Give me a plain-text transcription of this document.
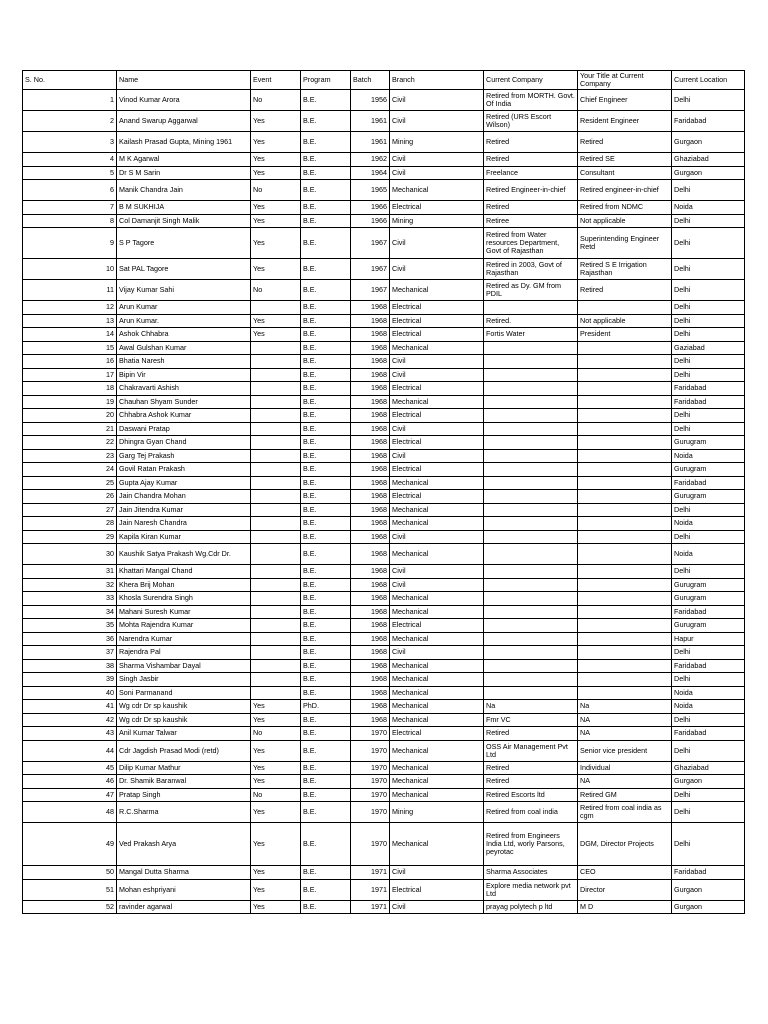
S. No.	Name	Event	Program	Batch	Branch	Current Company	Your Title at Current Company	Current Location
1	Vinod Kumar Arora	No	B.E.	1956	Civil	Retired from MORTH. Govt. Of India	Chief Engineer	Delhi
2	Anand Swarup Aggarwal	Yes	B.E.	1961	Civil	Retired (URS Escort Wilson)	Resident Engineer	Faridabad
3	Kailash Prasad Gupta, Mining 1961	Yes	B.E.	1961	Mining	Retired	Retired	Gurgaon
4	M K Agarwal	Yes	B.E.	1962	Civil	Retired	Retired SE	Ghaziabad
5	Dr S M Sarin	Yes	B.E.	1964	Civil	Freelance	Consultant	Gurgaon
6	Manik Chandra Jain	No	B.E.	1965	Mechanical	Retired Engineer-in-chief	Retired engineer-in-chief	Delhi
7	B M SUKHIJA	Yes	B.E.	1966	Electrical	Retired	Retired from NDMC	Noida
8	Col Damanjit Singh Malik	Yes	B.E.	1966	Mining	Retiree	Not applicable	Delhi
9	S P Tagore	Yes	B.E.	1967	Civil	Retired from Water resources Department, Govt of Rajasthan	Superintending Engineer Retd	Delhi
10	Sat PAL Tagore	Yes	B.E.	1967	Civil	Retired in 2003, Govt of Rajasthan	Retired S E Irrigation Rajasthan	Delhi
11	Vijay Kumar Sahi	No	B.E.	1967	Mechanical	Retired as Dy. GM from PDIL	Retired	Delhi
12	Arun Kumar		B.E.	1968	Electrical			Delhi
13	Arun Kumar.	Yes	B.E.	1968	Electrical	Retired.	Not applicable	Delhi
14	Ashok Chhabra	Yes	B.E.	1968	Electrical	Fortis Water	President	Delhi
15	Awal Gulshan Kumar		B.E.	1968	Mechanical			Gaziabad
16	Bhatia Naresh		B.E.	1968	Civil			Delhi
17	Bipin Vir		B.E.	1968	Civil			Delhi
18	Chakravarti Ashish		B.E.	1968	Electrical			Faridabad
19	Chauhan Shyam Sunder		B.E.	1968	Mechanical			Faridabad
20	Chhabra Ashok Kumar		B.E.	1968	Electrical			Delhi
21	Daswani Pratap		B.E.	1968	Civil			Delhi
22	Dhingra Gyan Chand		B.E.	1968	Electrical			Gurugram
23	Garg Tej Prakash		B.E.	1968	Civil			Noida
24	Govil Ratan Prakash		B.E.	1968	Electrical			Gurugram
25	Gupta Ajay Kumar		B.E.	1968	Mechanical			Faridabad
26	Jain Chandra Mohan		B.E.	1968	Electrical			Gurugram
27	Jain Jitendra Kumar		B.E.	1968	Mechanical			Delhi
28	Jain Naresh Chandra		B.E.	1968	Mechanical			Noida
29	Kapila Kiran Kumar		B.E.	1968	Civil			Delhi
30	Kaushik Satya Prakash Wg.Cdr Dr.		B.E.	1968	Mechanical			Noida
31	Khattari Mangal Chand		B.E.	1968	Civil			Delhi
32	Khera Brij Mohan		B.E.	1968	Civil			Gurugram
33	Khosla Surendra Singh		B.E.	1968	Mechanical			Gurugram
34	Mahani Suresh Kumar		B.E.	1968	Mechanical			Faridabad
35	Mohta Rajendra Kumar		B.E.	1968	Electrical			Gurugram
36	Narendra Kumar		B.E.	1968	Mechanical			Hapur
37	Rajendra Pal		B.E.	1968	Civil			Delhi
38	Sharma Vishambar Dayal		B.E.	1968	Mechanical			Faridabad
39	Singh Jasbir		B.E.	1968	Mechanical			Delhi
40	Soni Parmanand		B.E.	1968	Mechanical			Noida
41	Wg cdr Dr sp kaushik	Yes	PhD.	1968	Mechanical	Na	Na	Noida
42	Wg cdr Dr sp kaushik	Yes	B.E.	1968	Mechanical	Fmr VC	NA	Delhi
43	Anil Kumar Talwar	No	B.E.	1970	Electrical	Retired	NA	Faridabad
44	Cdr Jagdish Prasad Modi (retd)	Yes	B.E.	1970	Mechanical	OSS Air Management Pvt Ltd	Senior vice president	Delhi
45	Dilip Kumar Mathur	Yes	B.E.	1970	Mechanical	Retired	Individual	Ghaziabad
46	Dr. Shamik Baranwal	Yes	B.E.	1970	Mechanical	Retired	NA	Gurgaon
47	Pratap Singh	No	B.E.	1970	Mechanical	Retired Escorts ltd	Retired GM	Delhi
48	R.C.Sharma	Yes	B.E.	1970	Mining	Retired from coal india	Retired from coal india as cgm	Delhi
49	Ved Prakash Arya	Yes	B.E.	1970	Mechanical	Retired from Engineers India Ltd, worly Parsons, peyrotac	DGM, Director Projects	Delhi
50	Mangal Dutta Sharma	Yes	B.E.	1971	Civil	Sharma Associates	CEO	Faridabad
51	Mohan eshpriyani	Yes	B.E.	1971	Electrical	Explore media network pvt Ltd	Director	Gurgaon
52	ravinder agarwal	Yes	B.E.	1971	Civil	prayag polytech p ltd	M D	Gurgaon
